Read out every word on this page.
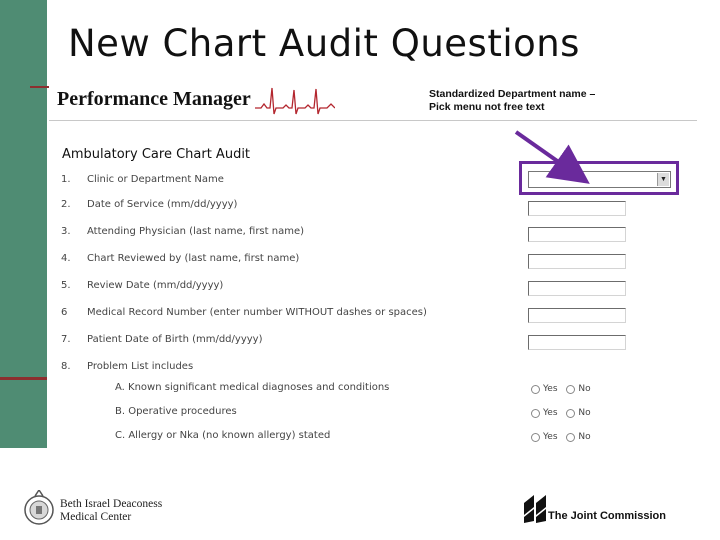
New Chart Audit Questions
Performance Manager	Standardized Department name – Pick menu not free text
Ambulatory Care Chart Audit
1. Clinic or Department Name	▼
2. Date of Service (mm/dd/yyyy)
3. Attending Physician (last name, first name)
4. Chart Reviewed by (last name, first name)
5. Review Date (mm/dd/yyyy)
6 Medical Record Number (enter number WITHOUT dashes or spaces)
7. Patient Date of Birth (mm/dd/yyyy)
8. Problem List includes
A. Known significant medical diagnoses and conditions	Yes No
B. Operative procedures	Yes No
C. Allergy or Nka (no known allergy) stated	Yes No
Beth Israel Deaconess
Medical Center	The Joint Commission
